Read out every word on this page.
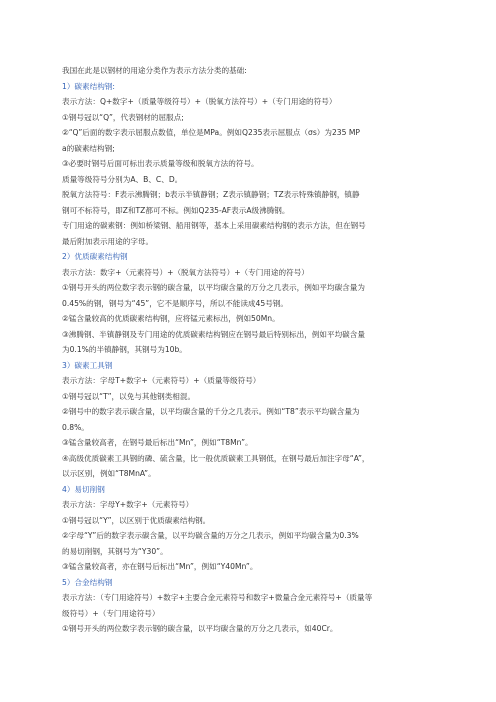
我国在此是以钢材的用途分类作为表示方法分类的基础:
1）碳素结构钢:
表示方法：Q+数字+（质量等级符号）+（脱氧方法符号）+（专门用途的符号）
①钢号冠以“Q”，代表钢材的屈服点;
②“Q”后面的数字表示屈服点数值，单位是MPa。例如Q235表示屈服点（σs）为235 MP
a的碳素结构钢;
③必要时钢号后面可标出表示质量等级和脱氧方法的符号。
质量等级符号分别为A、B、C、D。
脱氧方法符号：F表示沸腾钢；b表示半镇静钢；Z表示镇静钢；TZ表示特殊镇静钢，镇静
钢可不标符号，即Z和TZ都可不标。例如Q235-AF表示A级沸腾钢。
专门用途的碳素钢：例如桥梁钢、船用钢等，基本上采用碳素结构钢的表示方法，但在钢号
最后附加表示用途的字母。
2）优质碳素结构钢
表示方法：数字+（元素符号）+（脱氧方法符号）+（专门用途的符号）
①钢号开头的两位数字表示钢的碳含量，以平均碳含量的万分之几表示，例如平均碳含量为
0.45%的钢，钢号为“45”，它不是顺序号，所以不能读成45号钢。
②锰含量较高的优质碳素结构钢，应将锰元素标出，例如50Mn。
③沸腾钢、半镇静钢及专门用途的优质碳素结构钢应在钢号最后特别标出，例如平均碳含量
为0.1%的半镇静钢，其钢号为10b。
3）碳素工具钢
表示方法：字母T+数字+（元素符号）+（质量等级符号）
①钢号冠以“T”，以免与其他钢类相混。
②钢号中的数字表示碳含量，以平均碳含量的千分之几表示。例如“T8”表示平均碳含量为
0.8%。
③锰含量较高者，在钢号最后标出“Mn”，例如“T8Mn”。
④高级优质碳素工具钢的磷、硫含量，比一般优质碳素工具钢低，在钢号最后加注字母“A”，
以示区别，例如“T8MnA”。
4）易切削钢
表示方法：字母Y+数字+（元素符号）
①钢号冠以“Y”，以区别于优质碳素结构钢。
②字母“Y”后的数字表示碳含量，以平均碳含量的万分之几表示，例如平均碳含量为0.3%
的易切削钢，其钢号为“Y30”。
③锰含量较高者，亦在钢号后标出“Mn”，例如“Y40Mn”。
5）合金结构钢
表示方法：（专门用途符号）+数字+主要合金元素符号和数字+微量合金元素符号+（质量等
级符号）+（专门用途符号）
①钢号开头的两位数字表示钢的碳含量，以平均碳含量的万分之几表示，如40Cr。
